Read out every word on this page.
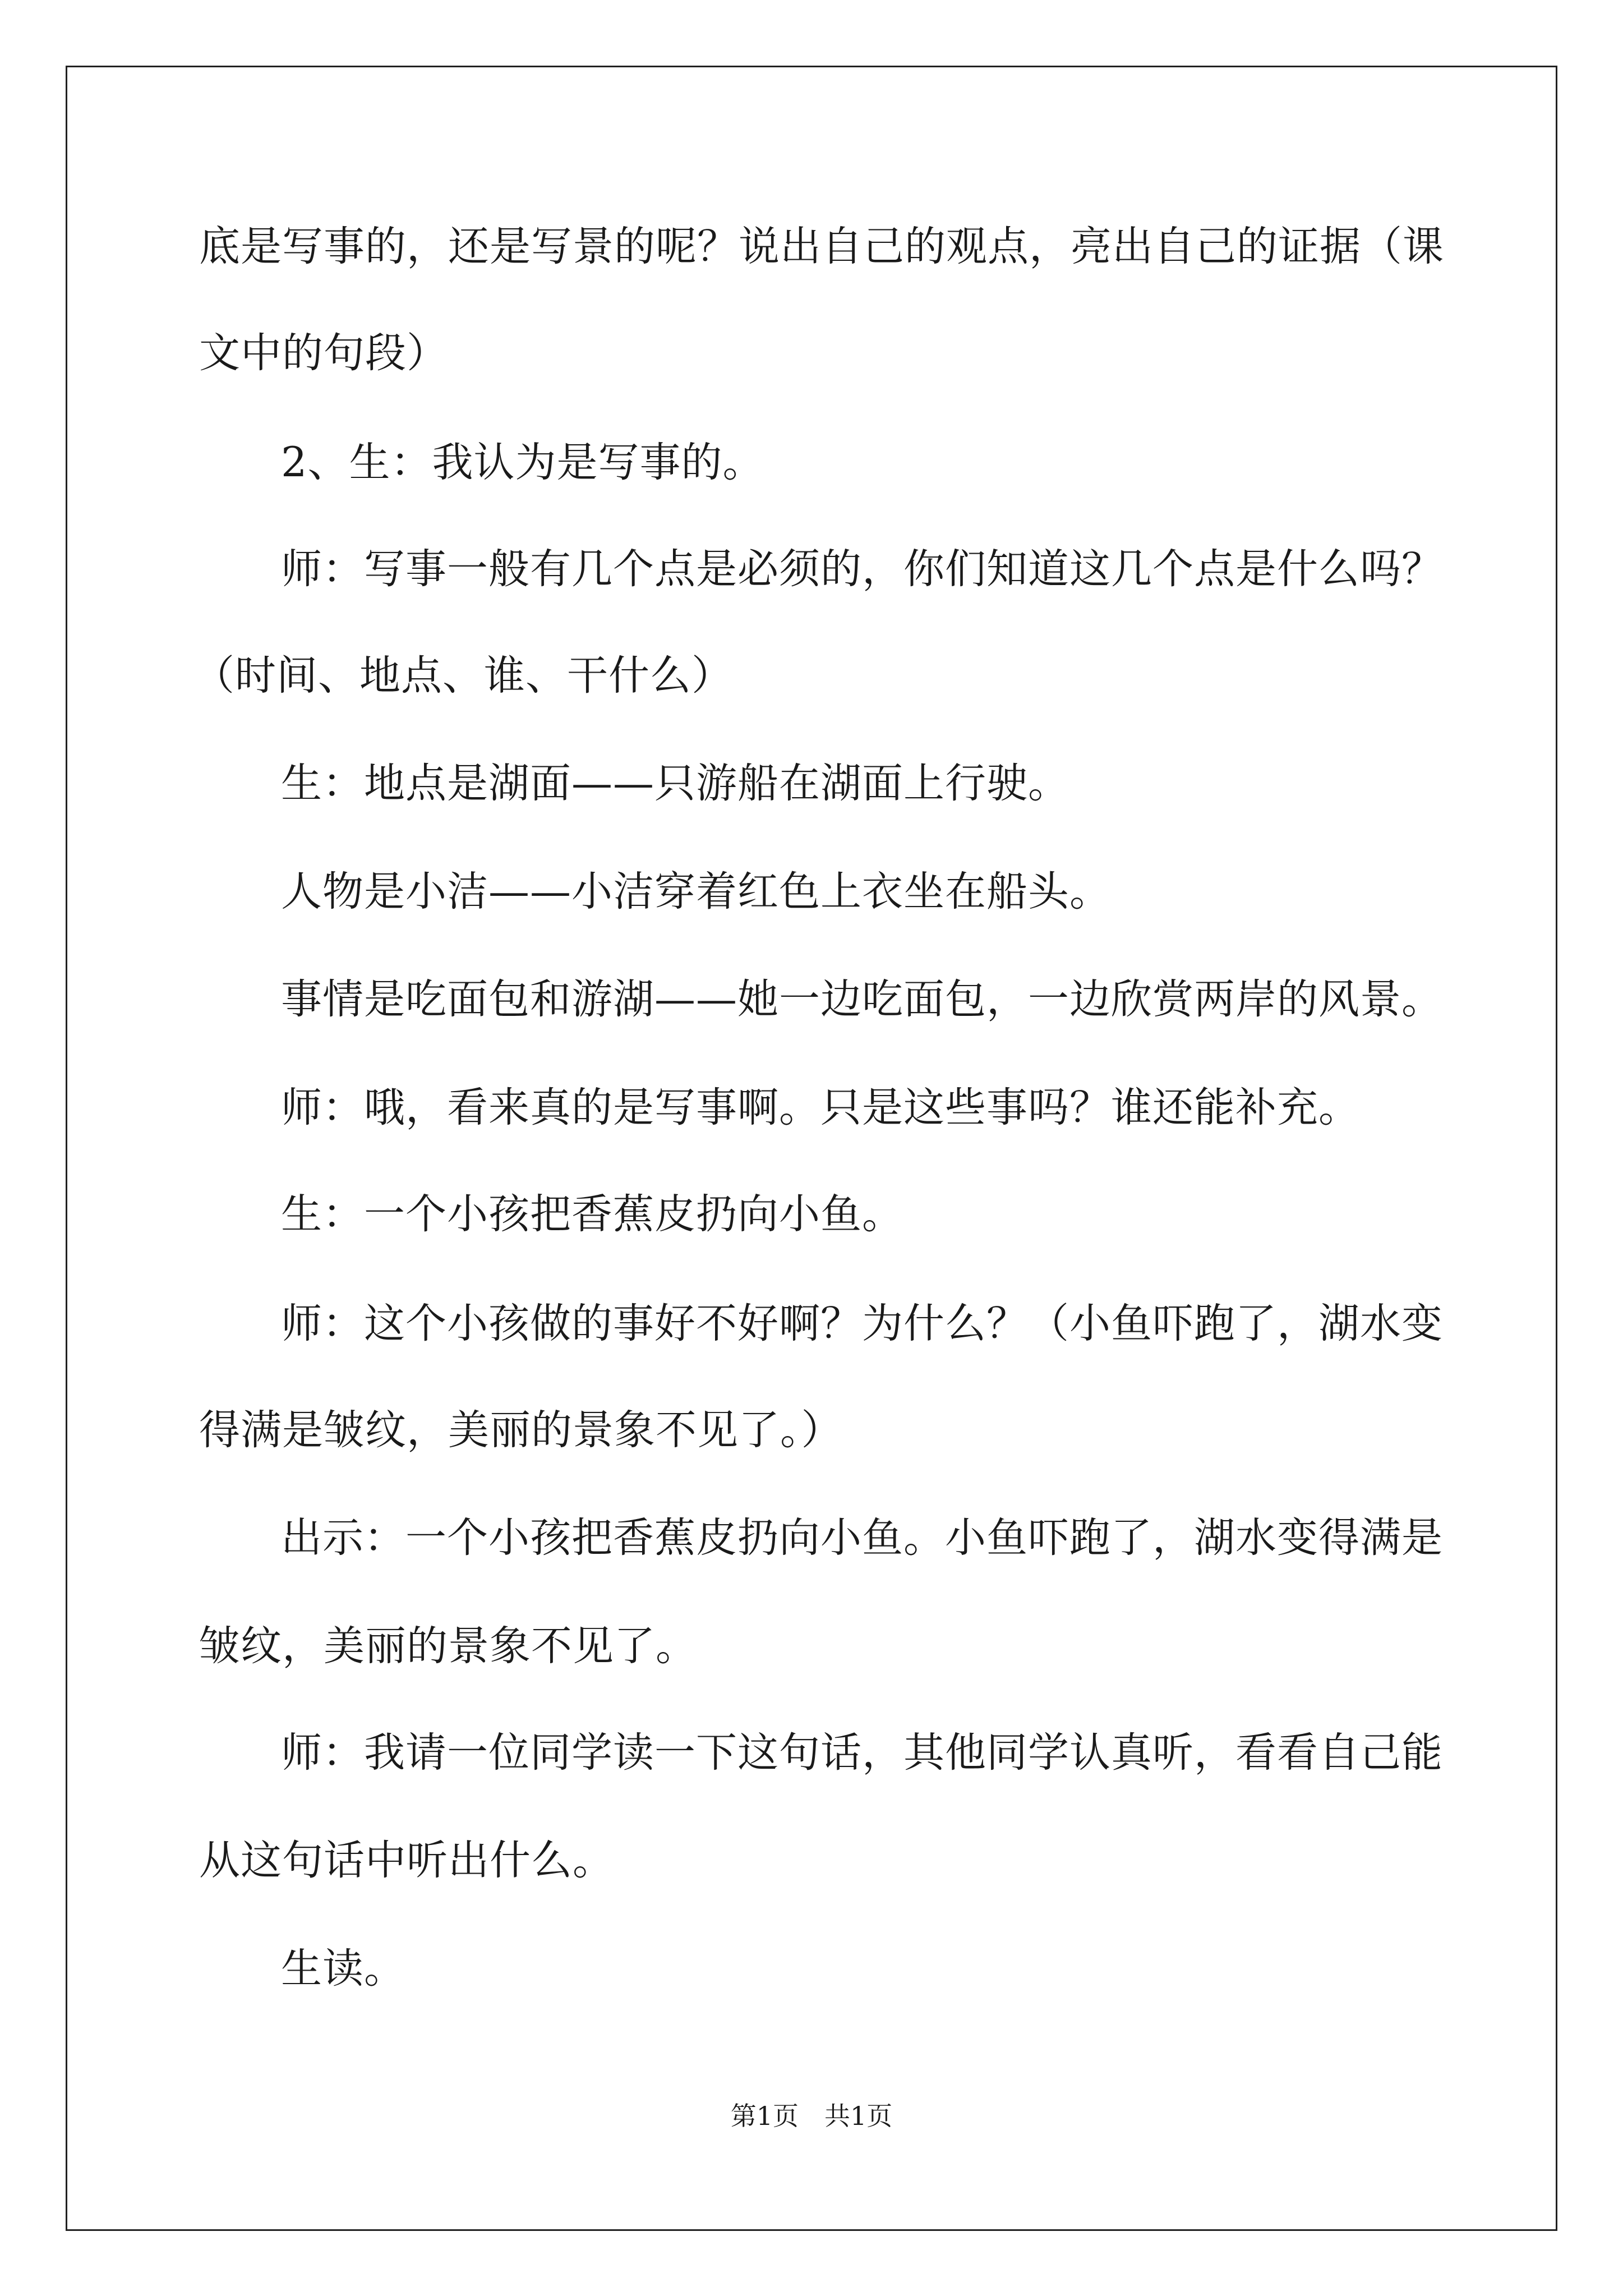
底是写事的，还是写景的呢？说出自己的观点，亮出自己的证据（课
文中的句段）
2、生：我认为是写事的。
师：写事一般有几个点是必须的，你们知道这几个点是什么吗？
（时间、地点、谁、干什么）
生：地点是湖面——只游船在湖面上行驶。
人物是小洁——小洁穿着红色上衣坐在船头。
事情是吃面包和游湖——她一边吃面包，一边欣赏两岸的风景。
师：哦，看来真的是写事啊。只是这些事吗？谁还能补充。
生：一个小孩把香蕉皮扔向小鱼。
师：这个小孩做的事好不好啊？为什么？（小鱼吓跑了，湖水变
得满是皱纹，美丽的景象不见了。）
出示：一个小孩把香蕉皮扔向小鱼。小鱼吓跑了，湖水变得满是
皱纹，美丽的景象不见了。
师：我请一位同学读一下这句话，其他同学认真听，看看自己能
从这句话中听出什么。
生读。
第1页　共1页
